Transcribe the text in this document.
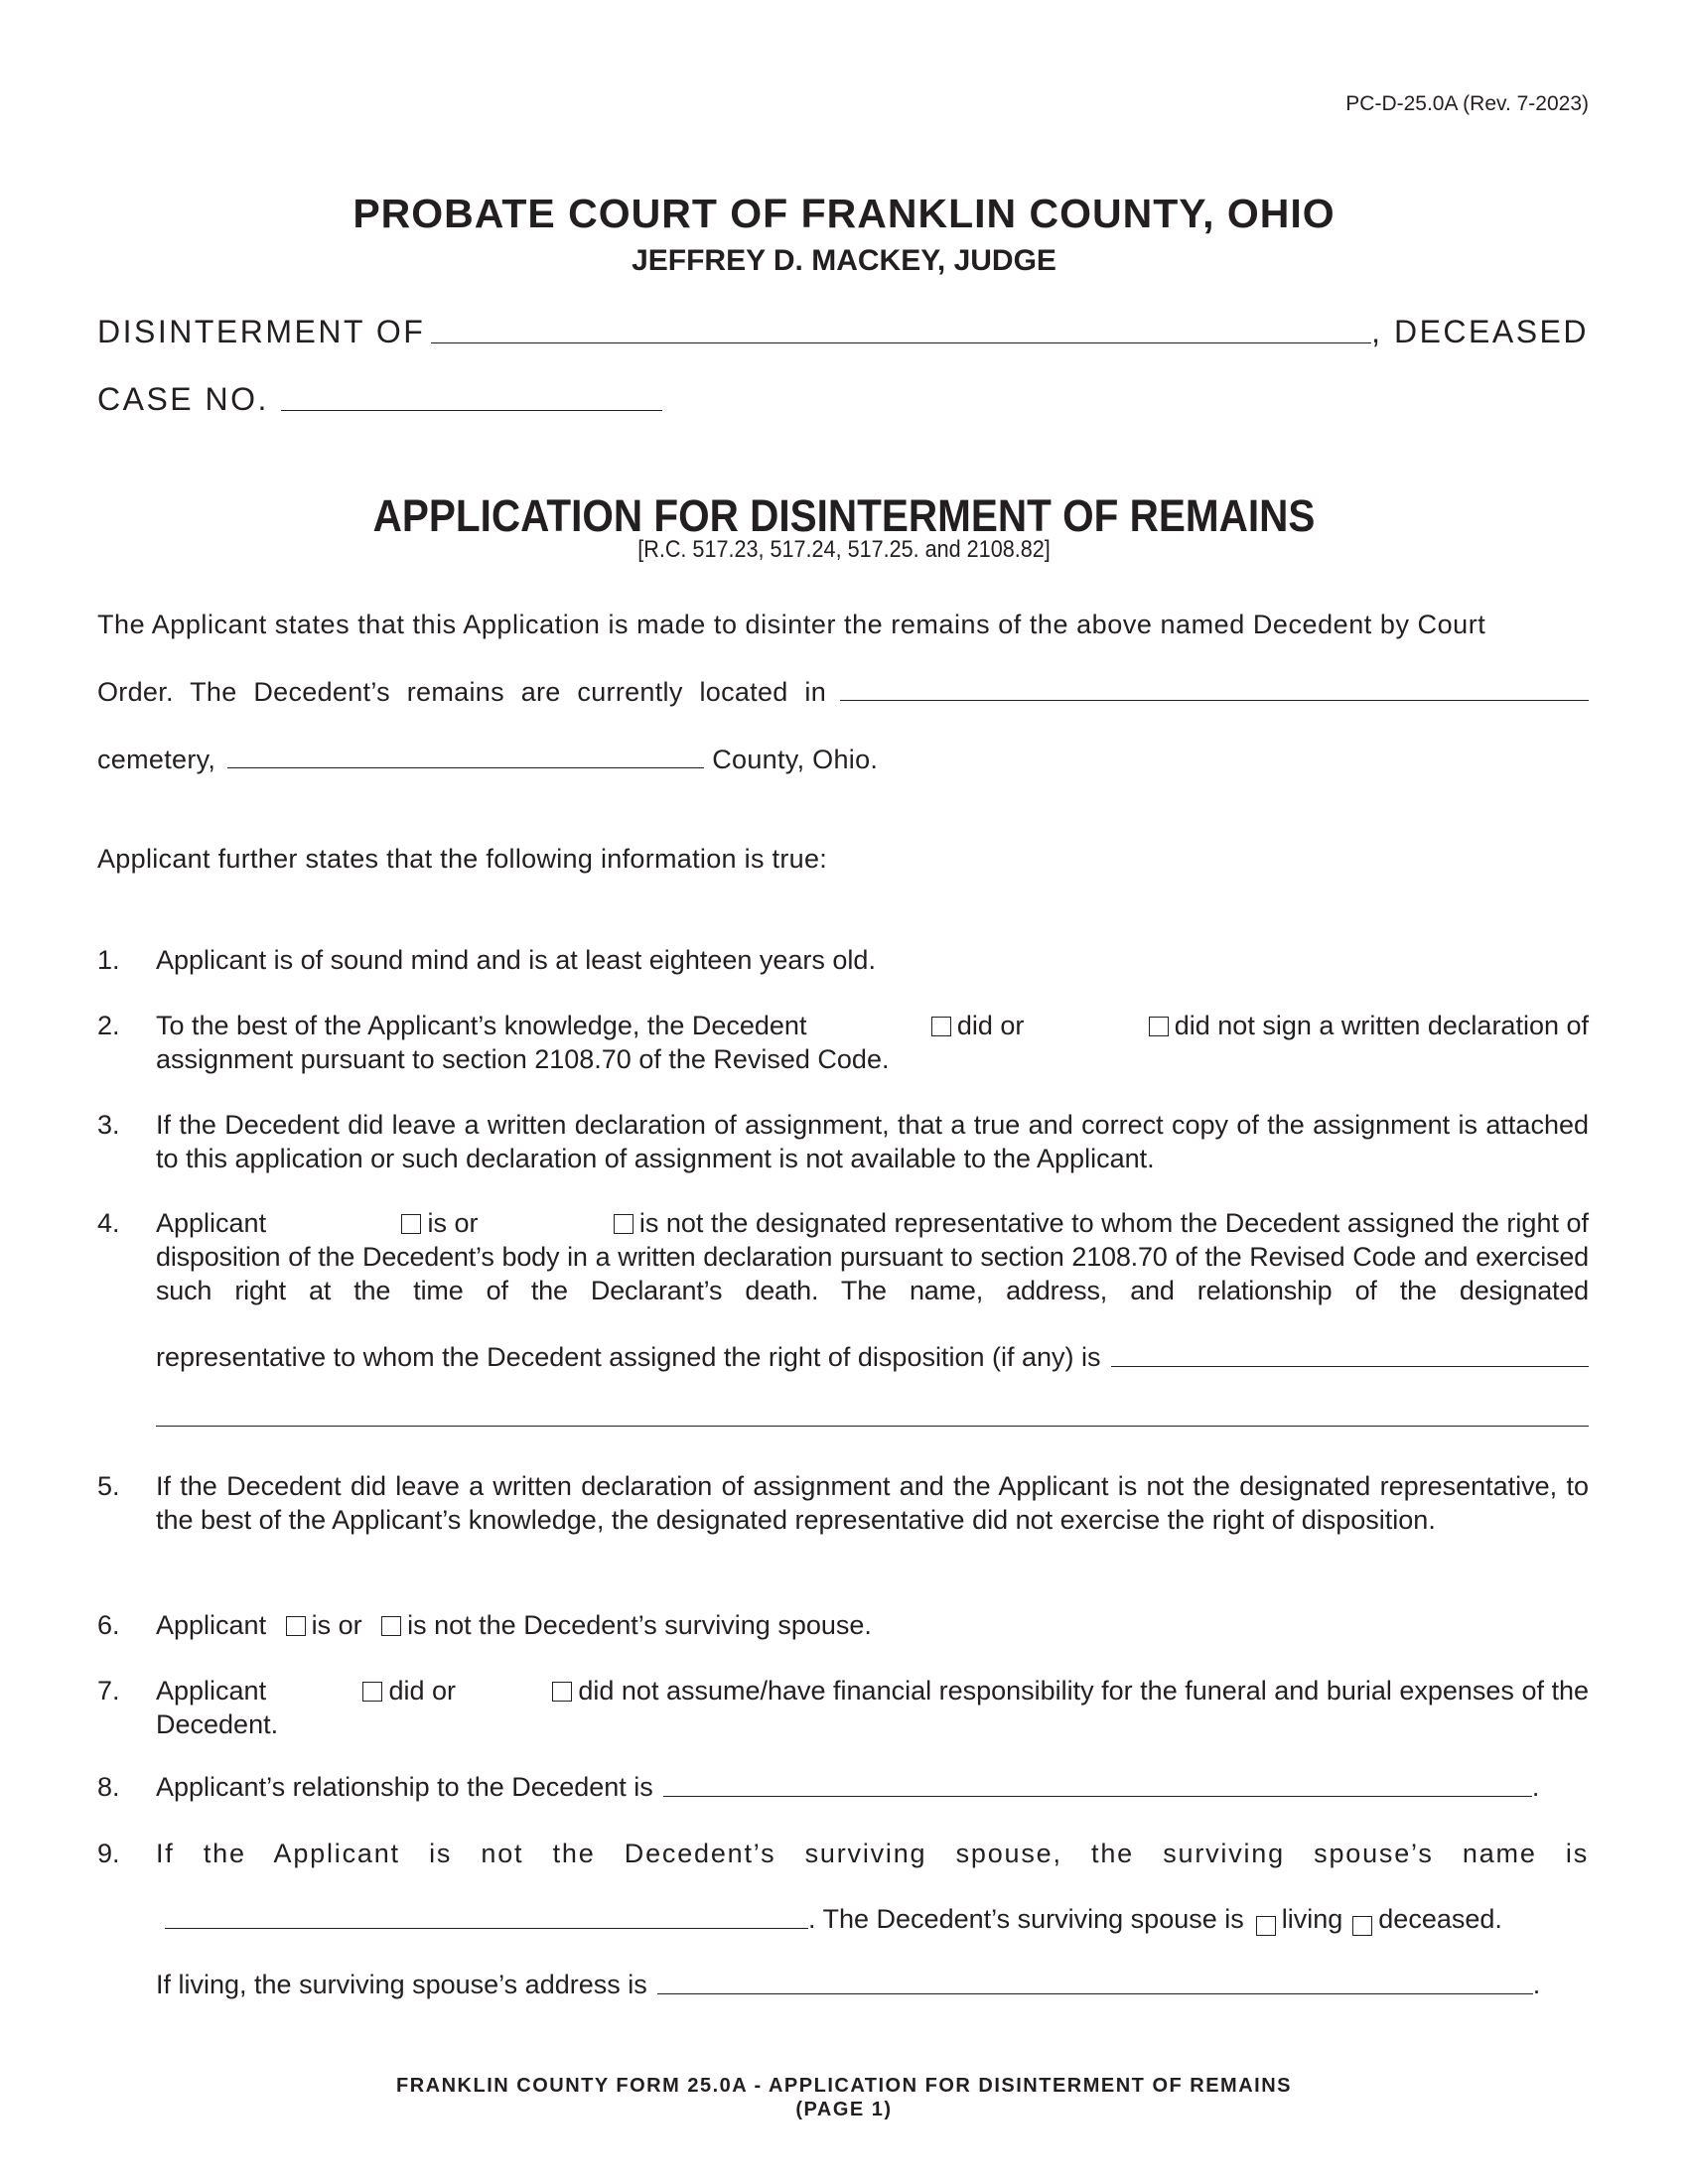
PC-D-25.0A (Rev. 7-2023)
PROBATE COURT OF FRANKLIN COUNTY, OHIO
JEFFREY D. MACKEY, JUDGE
DISINTERMENT OF	, DECEASED
CASE NO.
APPLICATION FOR DISINTERMENT OF REMAINS
[R.C. 517.23, 517.24, 517.25. and 2108.82]
The Applicant states that this Application is made to disinter the remains of the above named Decedent by Court
Order. The Decedent’s remains are currently located in
cemetery,	County, Ohio.
Applicant further states that the following information is true:
1. Applicant is of sound mind and is at least eighteen years old.
2. To the best of the Applicant’s knowledge, the Decedent	did or	did not sign a written declaration of
assignment pursuant to section 2108.70 of the Revised Code.
3. If the Decedent did leave a written declaration of assignment, that a true and correct copy of the assignment is attached to this application or such declaration of assignment is not available to the Applicant.
4. Applicant	is or	is not the designated representative to whom the Decedent assigned the right of
disposition of the Decedent’s body in a written declaration pursuant to section 2108.70 of the Revised Code and exercised such right at the time of the Declarant’s death. The name, address, and relationship of the designated
representative to whom the Decedent assigned the right of disposition (if any) is
5. If the Decedent did leave a written declaration of assignment and the Applicant is not the designated representative, to the best of the Applicant’s knowledge, the designated representative did not exercise the right of disposition.
6. Applicant is or is not the Decedent’s surviving spouse.
7. Applicant	did or	did not assume/have financial responsibility for the funeral and burial expenses of the
Decedent.
8. Applicant’s relationship to the Decedent is	.
9. If the Applicant is not the Decedent’s surviving spouse, the surviving spouse’s name is
. The Decedent’s surviving spouse is living deceased.
If living, the surviving spouse’s address is	.
FRANKLIN COUNTY FORM 25.0A - APPLICATION FOR DISINTERMENT OF REMAINS
(PAGE 1)
